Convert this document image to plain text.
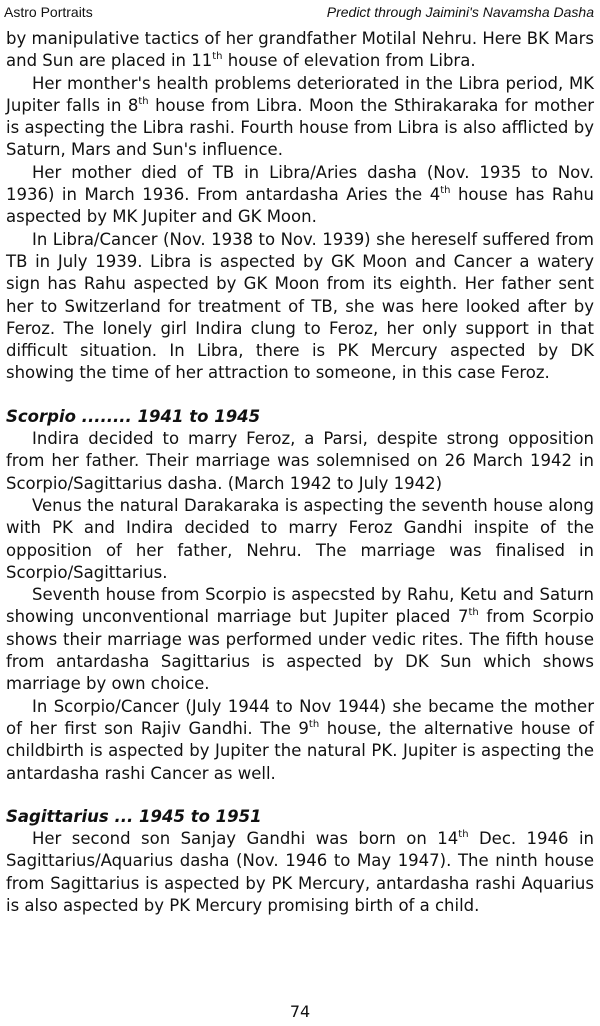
Astro Portraits	Predict through Jaimini's Navamsha Dasha

by manipulative tactics of her grandfather Motilal Nehru. Here BK Mars and Sun are placed in 11th house of elevation from Libra.

Her monther's health problems deteriorated in the Libra period, MK Jupiter falls in 8th house from Libra. Moon the Sthirakaraka for mother is aspecting the Libra rashi. Fourth house from Libra is also afflicted by Saturn, Mars and Sun's influence.

Her mother died of TB in Libra/Aries dasha (Nov. 1935 to Nov. 1936) in March 1936. From antardasha Aries the 4th house has Rahu aspected by MK Jupiter and GK Moon.

In Libra/Cancer (Nov. 1938 to Nov. 1939) she hereself suffered from TB in July 1939. Libra is aspected by GK Moon and Cancer a watery sign has Rahu aspected by GK Moon from its eighth. Her father sent her to Switzerland for treatment of TB, she was here looked after by Feroz. The lonely girl Indira clung to Feroz, her only support in that difficult situation. In Libra, there is PK Mercury aspected by DK showing the time of her attraction to someone, in this case Feroz.

Scorpio ........ 1941 to 1945

Indira decided to marry Feroz, a Parsi, despite strong opposition from her father. Their marriage was solemnised on 26 March 1942 in Scorpio/Sagittarius dasha. (March 1942 to July 1942)

Venus the natural Darakaraka is aspecting the seventh house along with PK and Indira decided to marry Feroz Gandhi inspite of the opposition of her father, Nehru. The marriage was finalised in Scorpio/Sagittarius.

Seventh house from Scorpio is aspecsted by Rahu, Ketu and Saturn showing unconventional marriage but Jupiter placed 7th from Scorpio shows their marriage was performed under vedic rites. The fifth house from antardasha Sagittarius is aspected by DK Sun which shows marriage by own choice.

In Scorpio/Cancer (July 1944 to Nov 1944) she became the mother of her first son Rajiv Gandhi. The 9th house, the alternative house of childbirth is aspected by Jupiter the natural PK. Jupiter is aspecting the antardasha rashi Cancer as well.

Sagittarius ... 1945 to 1951

Her second son Sanjay Gandhi was born on 14th Dec. 1946 in Sagittarius/Aquarius dasha (Nov. 1946 to May 1947). The ninth house from Sagittarius is aspected by PK Mercury, antardasha rashi Aquarius is also aspected by PK Mercury promising birth of a child.

74
